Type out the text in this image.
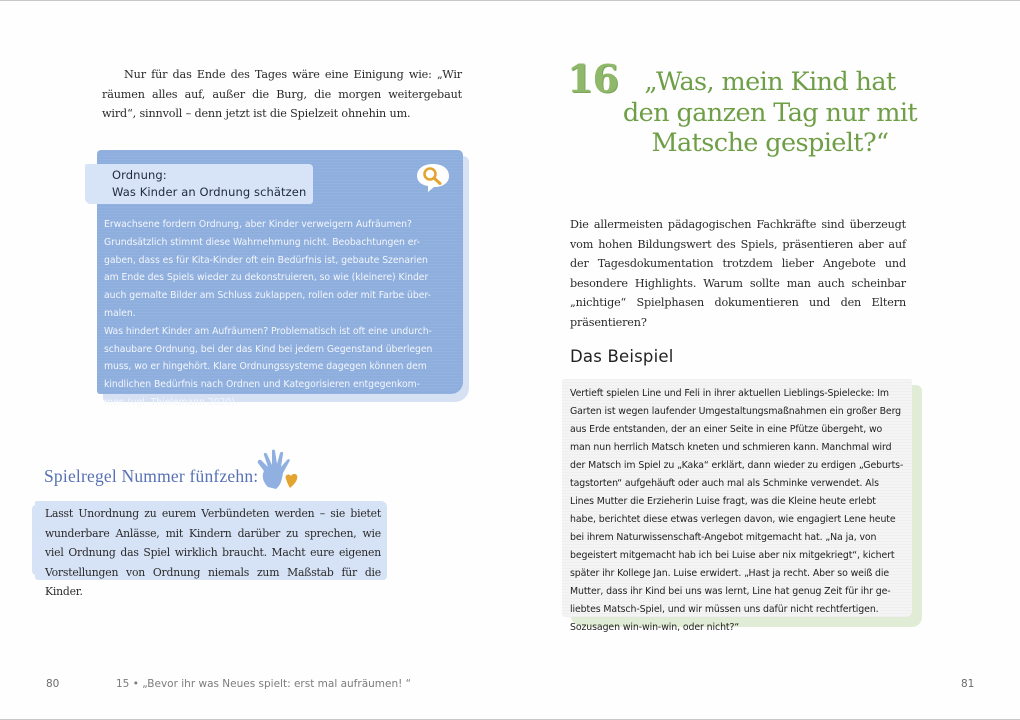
Nur für das Ende des Tages wäre eine Einigung wie: „Wir räumen alles auf, außer die Burg, die morgen weitergebaut wird“, sinnvoll – denn jetzt ist die Spielzeit ohnehin um.

Ordnung:
Was Kinder an Ordnung schätzen
Erwachsene fordern Ordnung, aber Kinder verweigern Aufräumen?
Grundsätzlich stimmt diese Wahrnehmung nicht. Beobachtungen er-
gaben, dass es für Kita-Kinder oft ein Bedürfnis ist, gebaute Szenarien
am Ende des Spiels wieder zu dekonstruieren, so wie (kleinere) Kinder
auch gemalte Bilder am Schluss zuklappen, rollen oder mit Farbe über-
malen.
Was hindert Kinder am Aufräumen? Problematisch ist oft eine undurch-
schaubare Ordnung, bei der das Kind bei jedem Gegenstand überlegen
muss, wo er hingehört. Klare Ordnungssysteme dagegen können dem
kindlichen Bedürfnis nach Ordnen und Kategorisieren entgegenkom-
men (vgl. Thielemann 2020).
Spielregel Nummer fünfzehn:

Lasst Unordnung zu eurem Verbündeten werden – sie bietet wunderbare Anlässe, mit Kindern darüber zu sprechen, wie viel Ordnung das Spiel wirklich braucht. Macht eure eigenen Vorstellungen von Ordnung niemals zum Maßstab für die Kinder.

80	15 • „Bevor ihr was Neues spielt: erst mal aufräumen! “
16	„Was, mein Kind hat
den ganzen Tag nur mit
Matsche gespielt?“

Die allermeisten pädagogischen Fachkräfte sind überzeugt vom hohen Bildungswert des Spiels, präsentieren aber auf der Tagesdokumentation trotzdem lieber Angebote und besondere Highlights. Warum sollte man auch scheinbar „nichtige“ Spielphasen dokumentieren und den Eltern präsentieren?

Das Beispiel
Vertieft spielen Line und Feli in ihrer aktuellen Lieblings-Spielecke: Im
Garten ist wegen laufender Umgestaltungsmaßnahmen ein großer Berg
aus Erde entstanden, der an einer Seite in eine Pfütze übergeht, wo
man nun herrlich Matsch kneten und schmieren kann. Manchmal wird
der Matsch im Spiel zu „Kaka“ erklärt, dann wieder zu erdigen „Geburts-
tagstorten“ aufgehäuft oder auch mal als Schminke verwendet. Als
Lines Mutter die Erzieherin Luise fragt, was die Kleine heute erlebt
habe, berichtet diese etwas verlegen davon, wie engagiert Lene heute
bei ihrem Naturwissenschaft-Angebot mitgemacht hat. „Na ja, von
begeistert mitgemacht hab ich bei Luise aber nix mitgekriegt“, kichert
später ihr Kollege Jan. Luise erwidert. „Hast ja recht. Aber so weiß die
Mutter, dass ihr Kind bei uns was lernt, Line hat genug Zeit für ihr ge-
liebtes Matsch-Spiel, und wir müssen uns dafür nicht rechtfertigen.
Sozusagen win-win-win, oder nicht?“
81
